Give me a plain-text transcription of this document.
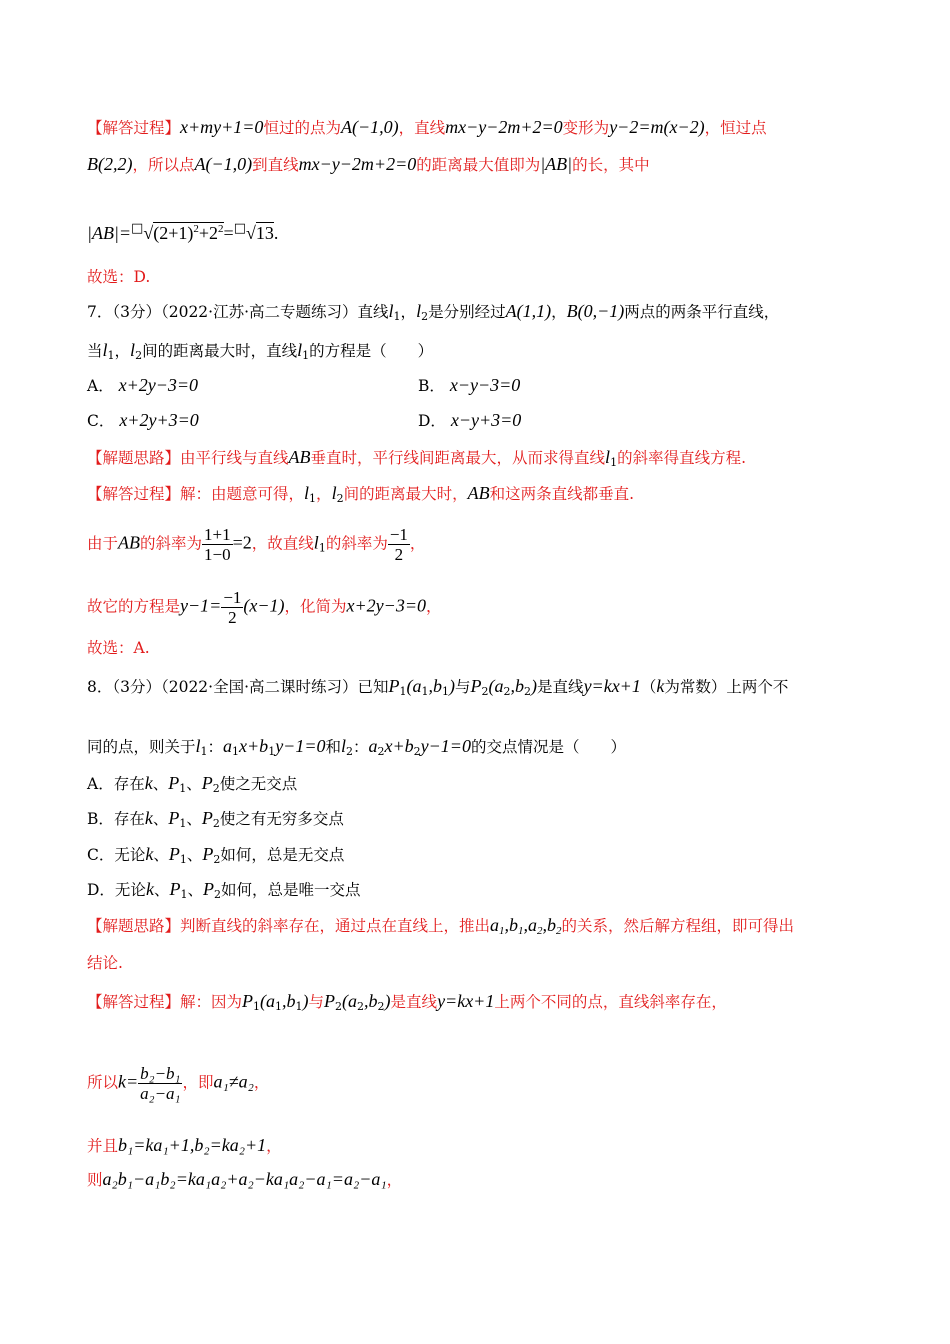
【解答过程】x+my+1=0恒过的点为A(−1,0)，直线mx−y−2m+2=0变形为y−2=m(x−2)，恒过点
B(2,2)，所以点A(−1,0)到直线mx−y−2m+2=0的距离最大值即为|AB|的长，其中
$|AB|=^□√(2+1)^2+2^2=^□√13$.
故选：D.
7．（3分）（2022·江苏·高二专题练习）直线$l_1$，$l_2$是分别经过A(1,1)，B(0,−1)两点的两条平行直线，
当$l_1$，$l_2$间的距离最大时，直线$l_1$的方程是（　　）
A． x+2y−3=0	B． x−y−3=0
C． x+2y+3=0	D． x−y+3=0
【解题思路】由平行线与直线AB垂直时，平行线间距离最大，从而求得直线$l_1$的斜率得直线方程.
【解答过程】解：由题意可得，$l_1$，$l_2$间的距离最大时，AB和这两条直线都垂直.
由于AB的斜率为 $\frac{1+1}{1-0} =2$，故直线$l_1$的斜率为 $\frac{-1}{2}$ ，
故它的方程是$y-1= \frac{-1}{2} (x-1)$，化简为x+2y−3=0，
故选：A.
8．（3分）（2022·全国·高二课时练习）已知$P_1(a_1,b_1)$与$P_2(a_2,b_2)$是直线y=kx+1（k为常数）上两个不
同的点，则关于$l_1$：$a_1x+b_1y-1=0$和$l_2$：$a_2x+b_2y-1=0$的交点情况是（　　）
A．存在k、$P_1$、$P_2$使之无交点
B．存在k、$P_1$、$P_2$使之有无穷多交点
C．无论k、$P_1$、$P_2$如何，总是无交点
D．无论k、$P_1$、$P_2$如何，总是唯一交点
【解题思路】判断直线的斜率存在，通过点在直线上，推出$a_1,b_1,a_2,b_2$的关系，然后解方程组，即可得出
结论.
【解答过程】解：因为$P_1(a_1,b_1)$与$P_2(a_2,b_2)$是直线y=kx+1上两个不同的点，直线斜率存在，
所以$k= \frac{\text{b₂−b₁}}{\text{a₂−a₁}}$ ，即a₁≠a₂，
并且b₁=ka₁+1,b₂=ka₂+1，
则a₂b₁−a₁b₂=ka₁a₂+a₂−ka₁a₂−a₁=a₂−a₁，
